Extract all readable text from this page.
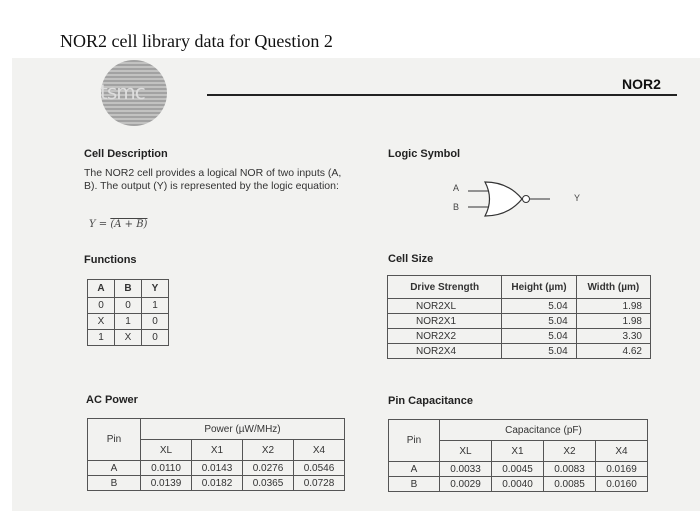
NOR2 cell library data for Question 2
tsmc	NOR2
Cell Description
The NOR2 cell provides a logical NOR of two inputs (A, B). The output (Y) is represented by the logic equation:
Y = (A + B)
Logic Symbol
A
B
Y
Functions
A	B	Y
0	0	1
X	1	0
1	X	0
Cell Size
Drive Strength	Height (µm)	Width (µm)
NOR2XL	5.04	1.98
NOR2X1	5.04	1.98
NOR2X2	5.04	3.30
NOR2X4	5.04	4.62
AC Power
Pin	Power (µW/MHz)			
	XL	X1	X2	X4
A	0.0110	0.0143	0.0276	0.0546
B	0.0139	0.0182	0.0365	0.0728
Pin Capacitance
Pin	Capacitance (pF)			
	XL	X1	X2	X4
A	0.0033	0.0045	0.0083	0.0169
B	0.0029	0.0040	0.0085	0.0160
